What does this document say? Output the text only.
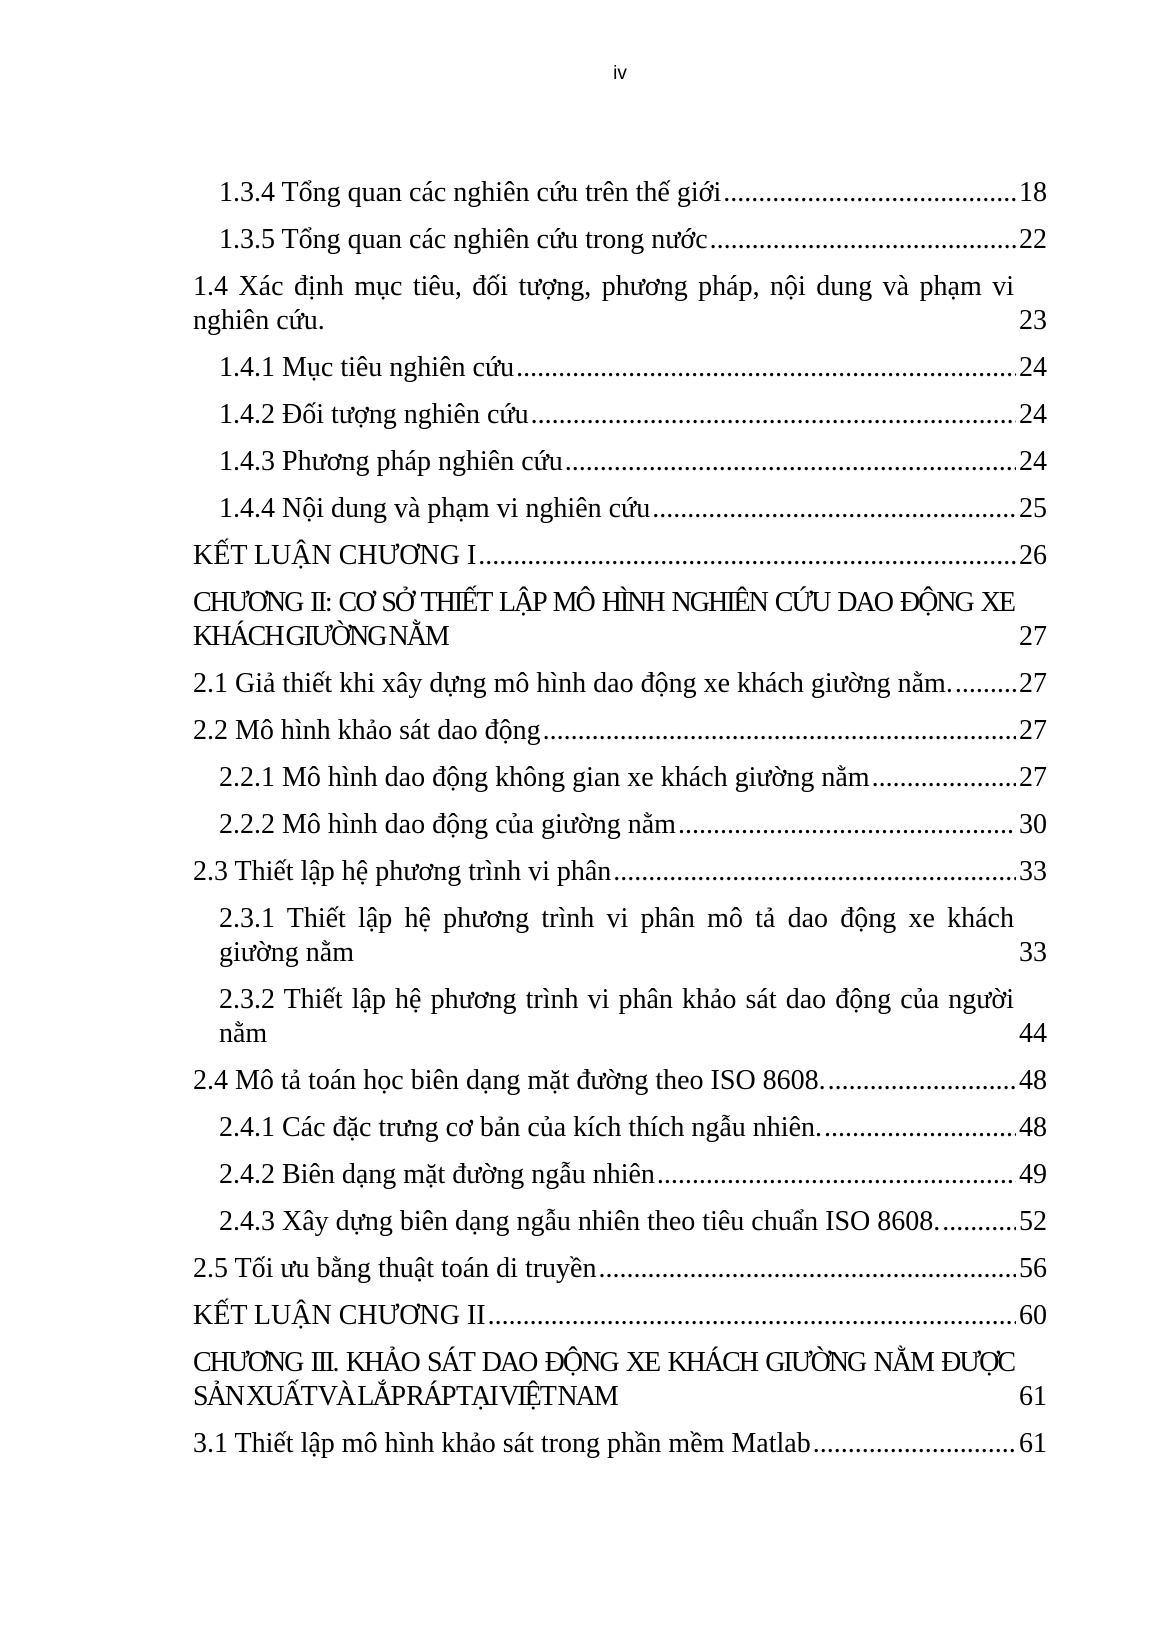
iv
1.3.4 Tổng quan các nghiên cứu trên thế giới .....	18
1.3.5 Tổng quan các nghiên cứu trong nước .....	22
1.4 Xác định mục tiêu, đối tượng, phương pháp, nội dung và phạm vi nghiên cứu. .....	23
1.4.1 Mục tiêu nghiên cứu .....	24
1.4.2 Đối tượng nghiên cứu .....	24
1.4.3 Phương pháp nghiên cứu .....	24
1.4.4 Nội dung và phạm vi nghiên cứu .....	25
KẾT LUẬN CHƯƠNG I .....	26
CHƯƠNG II: CƠ SỞ THIẾT LẬP MÔ HÌNH NGHIÊN CỨU DAO ĐỘNG XE KHÁCH GIƯỜNG NẰM .....	27
2.1 Giả thiết khi xây dựng mô hình dao động xe khách giường nằm. ..... 27
2.2 Mô hình khảo sát dao động .....	27
2.2.1 Mô hình dao động không gian xe khách giường nằm .....	27
2.2.2 Mô hình dao động của giường nằm .....	30
2.3 Thiết lập hệ phương trình vi phân .....	33
2.3.1 Thiết lập hệ phương trình vi phân mô tả dao động xe khách giường nằm .....	33
2.3.2 Thiết lập hệ phương trình vi phân khảo sát dao động của người nằm .....	44
2.4 Mô tả toán học biên dạng mặt đường theo ISO 8608. .....	48
2.4.1 Các đặc trưng cơ bản của kích thích ngẫu nhiên. .....	48
2.4.2 Biên dạng mặt đường ngẫu nhiên .....	49
2.4.3 Xây dựng biên dạng ngẫu nhiên theo tiêu chuẩn ISO 8608. .....	52
2.5 Tối ưu bằng thuật toán di truyền .....	56
KẾT LUẬN CHƯƠNG II .....	60
CHƯƠNG III. KHẢO SÁT DAO ĐỘNG XE KHÁCH GIƯỜNG NẰM ĐƯỢC SẢN XUẤT VÀ LẮP RÁP TẠI VIỆT NAM .....	61
3.1 Thiết lập mô hình khảo sát trong phần mềm Matlab .....	61
